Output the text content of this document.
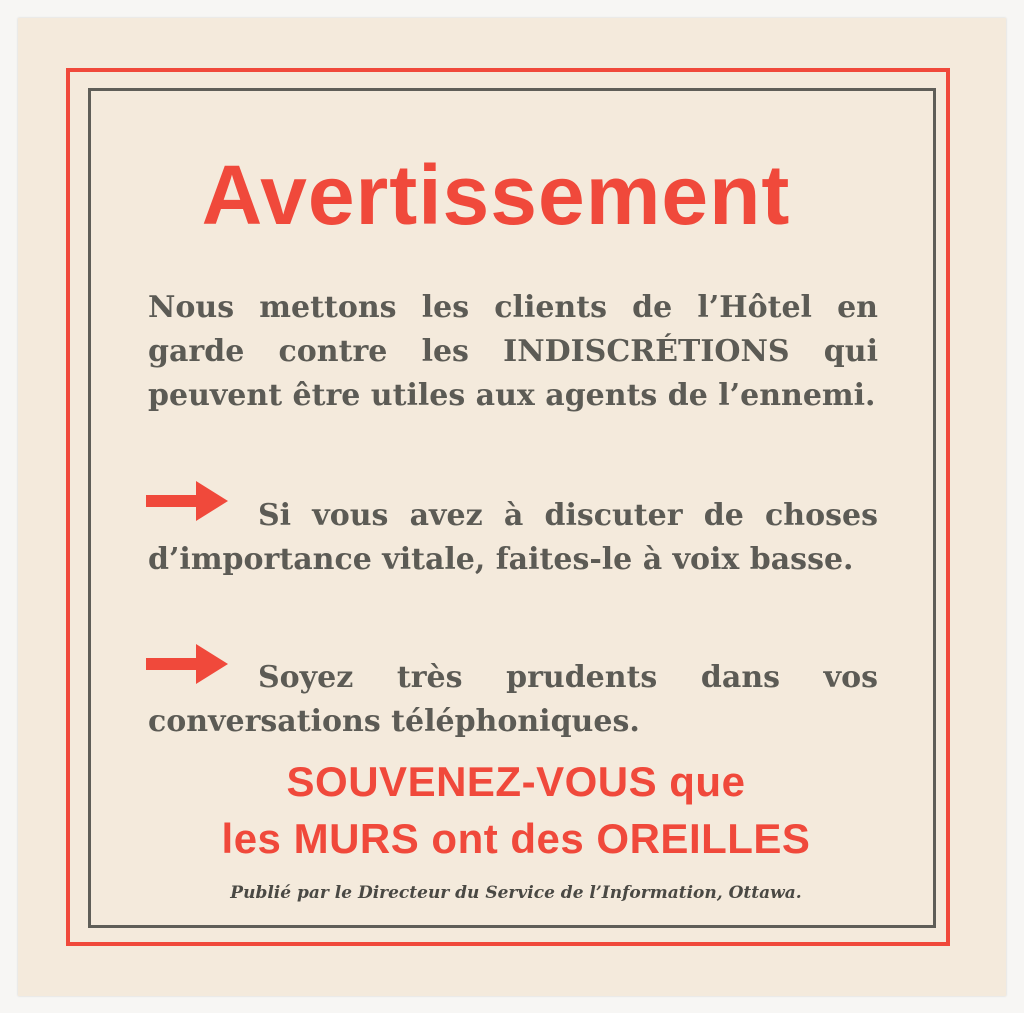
Avertissement
Nous mettons les clients de l’Hôtel en garde contre les INDISCRÉTIONS qui peuvent être utiles aux agents de l’ennemi.
Si vous avez à discuter de choses d’importance vitale, faites-le à voix basse.
Soyez très prudents dans vos conversations téléphoniques.
SOUVENEZ-VOUS que
les MURS ont des OREILLES
Publié par le Directeur du Service de l’Information, Ottawa.
